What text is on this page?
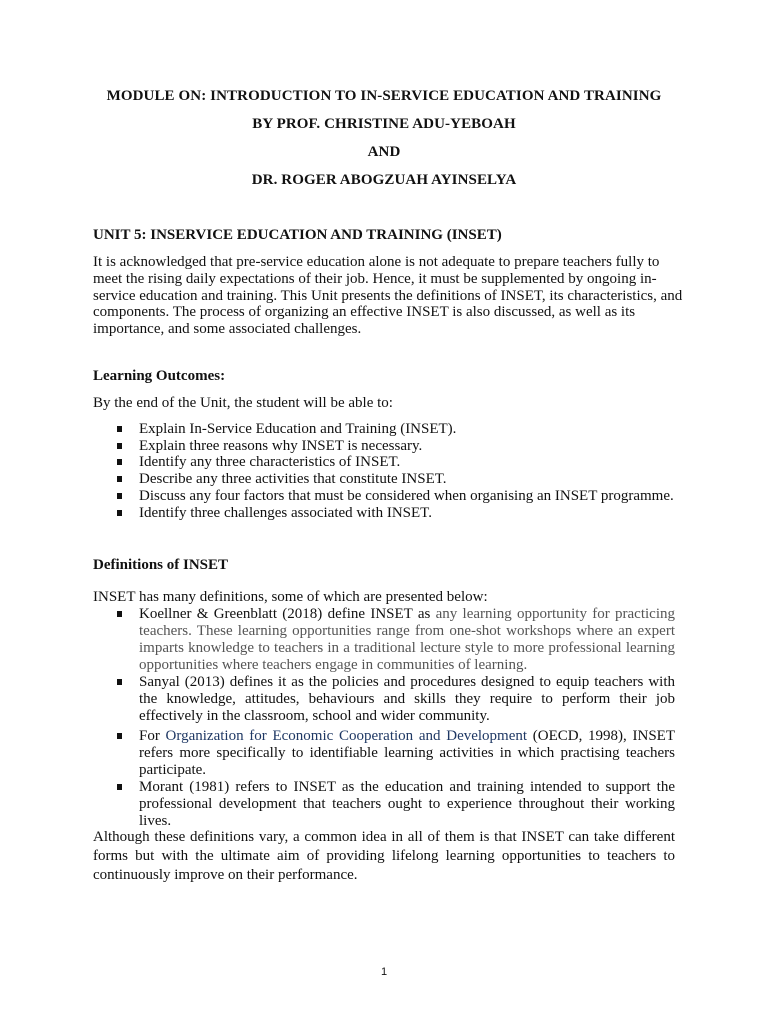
MODULE ON: INTRODUCTION TO IN-SERVICE EDUCATION AND TRAINING
BY PROF. CHRISTINE ADU-YEBOAH
AND
DR. ROGER ABOGZUAH AYINSELYA
UNIT 5: INSERVICE EDUCATION AND TRAINING (INSET)
It is acknowledged that pre-service education alone is not adequate to prepare teachers fully to meet the rising daily expectations of their job. Hence, it must be supplemented by ongoing in-service education and training. This Unit presents the definitions of INSET, its characteristics, and components. The process of organizing an effective INSET is also discussed, as well as its importance, and some associated challenges.
Learning Outcomes:
By the end of the Unit, the student will be able to:
Explain In-Service Education and Training (INSET).
Explain three reasons why INSET is necessary.
Identify any three characteristics of INSET.
Describe any three activities that constitute INSET.
Discuss any four factors that must be considered when organising an INSET programme.
Identify three challenges associated with INSET.
Definitions of INSET
INSET has many definitions, some of which are presented below:
Koellner & Greenblatt (2018) define INSET as any learning opportunity for practicing teachers. These learning opportunities range from one-shot workshops where an expert imparts knowledge to teachers in a traditional lecture style to more professional learning opportunities where teachers engage in communities of learning.
Sanyal (2013) defines it as the policies and procedures designed to equip teachers with the knowledge, attitudes, behaviours and skills they require to perform their job effectively in the classroom, school and wider community.
For Organization for Economic Cooperation and Development (OECD, 1998), INSET refers more specifically to identifiable learning activities in which practising teachers participate.
Morant (1981) refers to INSET as the education and training intended to support the professional development that teachers ought to experience throughout their working lives.
Although these definitions vary, a common idea in all of them is that INSET can take different forms but with the ultimate aim of providing lifelong learning opportunities to teachers to continuously improve on their performance.
1
